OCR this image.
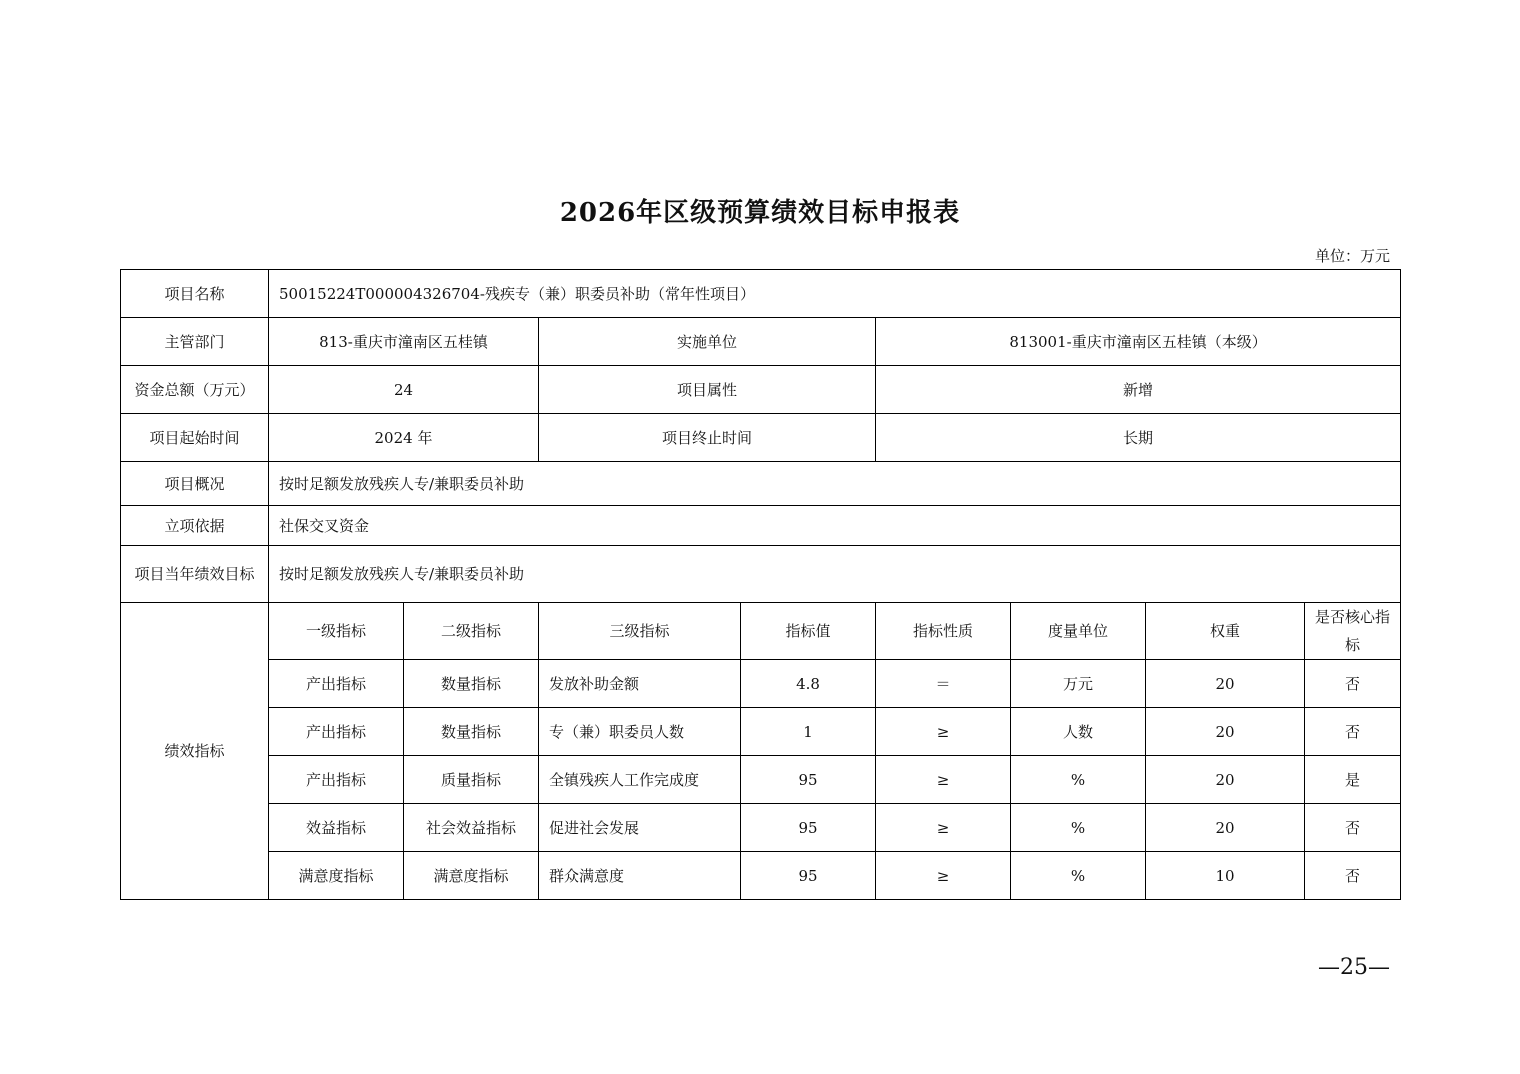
2026年区级预算绩效目标申报表
单位：万元
项目名称	50015224T000004326704-残疾专（兼）职委员补助（常年性项目）							
主管部门	813-重庆市潼南区五桂镇		实施单位		813001-重庆市潼南区五桂镇（本级）			
资金总额（万元）	24		项目属性		新增			
项目起始时间	2024 年		项目终止时间		长期			
项目概况	按时足额发放残疾人专/兼职委员补助							
立项依据	社保交叉资金							
项目当年绩效目标	按时足额发放残疾人专/兼职委员补助							
绩效指标	一级指标	二级指标	三级指标	指标值	指标性质	度量单位	权重	是否核心指标
	产出指标	数量指标	发放补助金额	4.8	＝	万元	20	否
	产出指标	数量指标	专（兼）职委员人数	1	≥	人数	20	否
	产出指标	质量指标	全镇残疾人工作完成度	95	≥	%	20	是
	效益指标	社会效益指标	促进社会发展	95	≥	%	20	否
	满意度指标	满意度指标	群众满意度	95	≥	%	10	否
—25—
